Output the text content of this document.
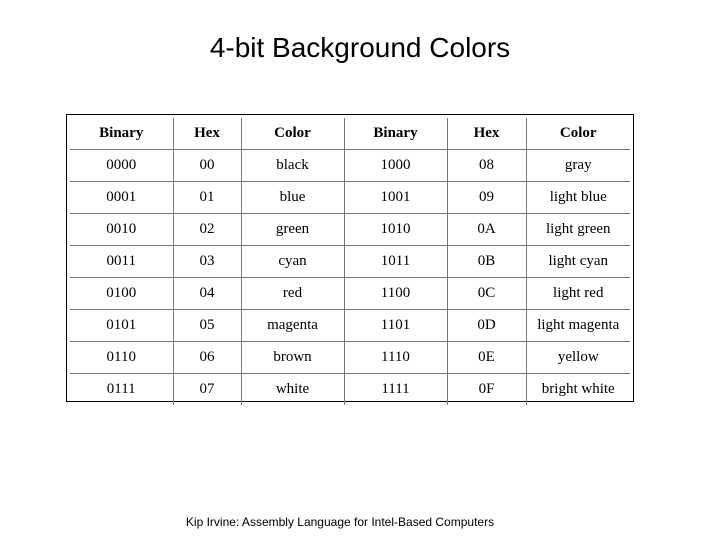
4-bit Background Colors
Binary	Hex	Color	Binary	Hex	Color
0000	00	black	1000	08	gray
0001	01	blue	1001	09	light blue
0010	02	green	1010	0A	light green
0011	03	cyan	1011	0B	light cyan
0100	04	red	1100	0C	light red
0101	05	magenta	1101	0D	light magenta
0110	06	brown	1110	0E	yellow
0111	07	white	1111	0F	bright white
Kip Irvine: Assembly Language for Intel-Based Computers
